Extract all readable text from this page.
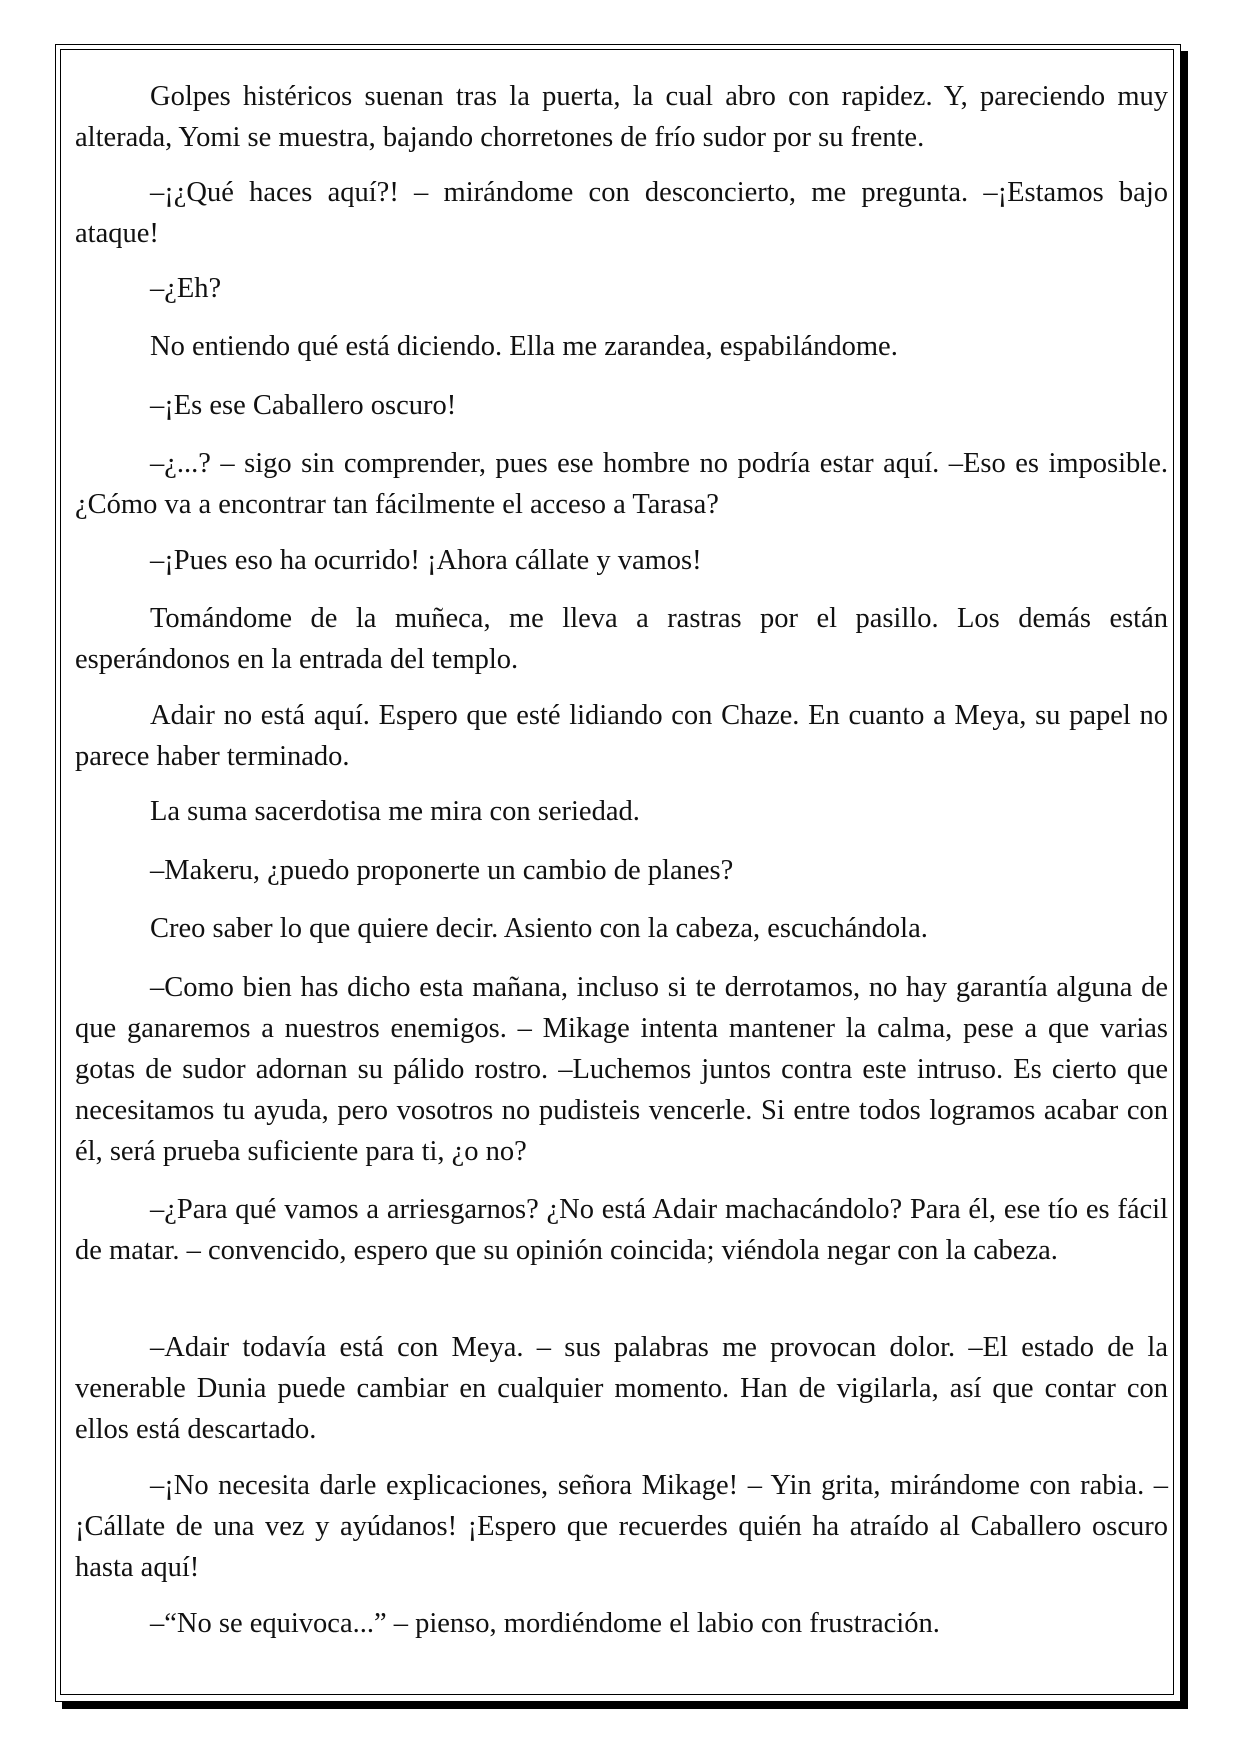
Golpes histéricos suenan tras la puerta, la cual abro con rapidez. Y, pareciendo muy alterada, Yomi se muestra, bajando chorretones de frío sudor por su frente.

–¡¿Qué haces aquí?! – mirándome con desconcierto, me pregunta. –¡Estamos bajo ataque!

–¿Eh?

No entiendo qué está diciendo. Ella me zarandea, espabilándome.

–¡Es ese Caballero oscuro!

–¿...? – sigo sin comprender, pues ese hombre no podría estar aquí. –Eso es imposible. ¿Cómo va a encontrar tan fácilmente el acceso a Tarasa?

–¡Pues eso ha ocurrido! ¡Ahora cállate y vamos!

Tomándome de la muñeca, me lleva a rastras por el pasillo. Los demás están esperándonos en la entrada del templo.

Adair no está aquí. Espero que esté lidiando con Chaze. En cuanto a Meya, su papel no parece haber terminado.

La suma sacerdotisa me mira con seriedad.

–Makeru, ¿puedo proponerte un cambio de planes?

Creo saber lo que quiere decir. Asiento con la cabeza, escuchándola.

–Como bien has dicho esta mañana, incluso si te derrotamos, no hay garantía alguna de que ganaremos a nuestros enemigos. – Mikage intenta mantener la calma, pese a que varias gotas de sudor adornan su pálido rostro. –Luchemos juntos contra este intruso. Es cierto que necesitamos tu ayuda, pero vosotros no pudisteis vencerle. Si entre todos logramos acabar con él, será prueba suficiente para ti, ¿o no?

–¿Para qué vamos a arriesgarnos? ¿No está Adair machacándolo? Para él, ese tío es fácil de matar. – convencido, espero que su opinión coincida; viéndola negar con la cabeza.

–Adair todavía está con Meya. – sus palabras me provocan dolor. –El estado de la venerable Dunia puede cambiar en cualquier momento. Han de vigilarla, así que contar con ellos está descartado.

–¡No necesita darle explicaciones, señora Mikage! – Yin grita, mirándome con rabia. –¡Cállate de una vez y ayúdanos! ¡Espero que recuerdes quién ha atraído al Caballero oscuro hasta aquí!

–“No se equivoca...” – pienso, mordiéndome el labio con frustración.
